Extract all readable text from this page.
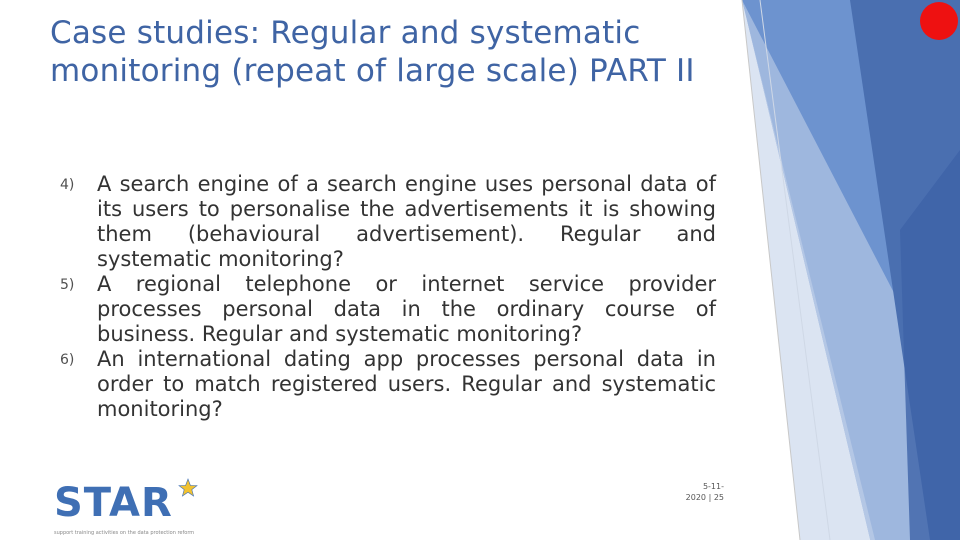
Case studies: Regular and systematic
monitoring (repeat of large scale) PART II
4) A search engine of a search engine uses personal data of its users to personalise the advertisements it is showing them (behavioural advertisement). Regular and systematic monitoring?
5) A regional telephone or internet service provider processes personal data in the ordinary course of business. Regular and systematic monitoring?
6) An international dating app processes personal data in order to match registered users. Regular and systematic monitoring?
STAR
support training activities on the data protection reform
5-11-
2020 | 25
